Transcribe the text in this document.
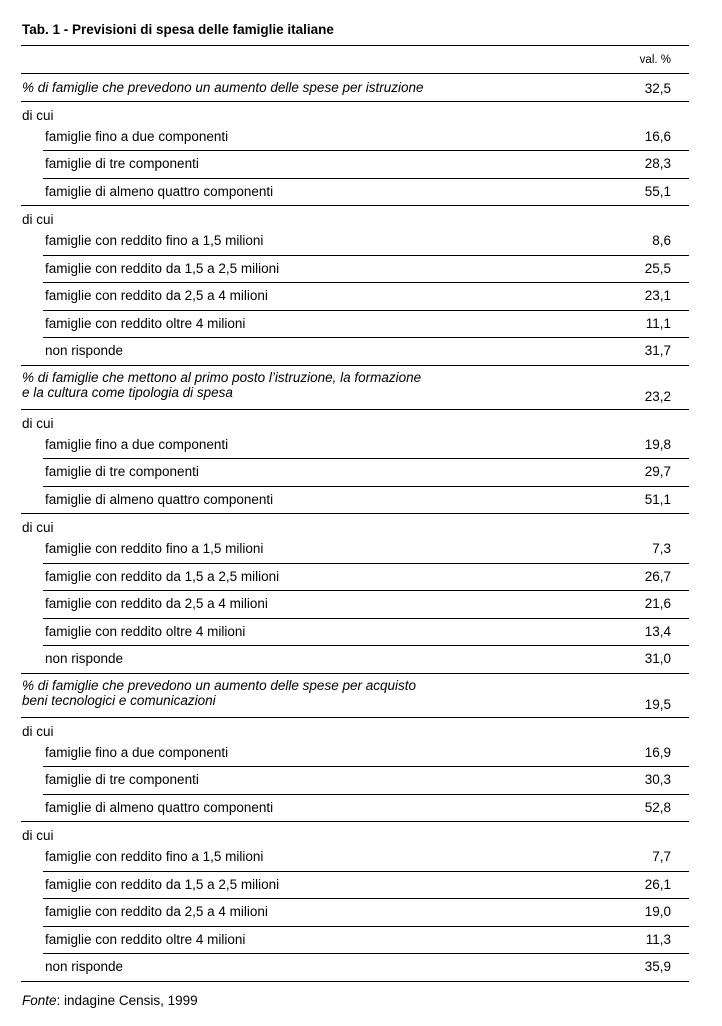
Tab. 1 - Previsioni di spesa delle famiglie italiane
val. %
% di famiglie che prevedono un aumento delle spese per istruzione	32,5
di cui
famiglie fino a due componenti	16,6
famiglie di tre componenti	28,3
famiglie di almeno quattro componenti	55,1
di cui
famiglie con reddito fino a 1,5 milioni	8,6
famiglie con reddito da 1,5 a 2,5 milioni	25,5
famiglie con reddito da 2,5 a 4 milioni	23,1
famiglie con reddito oltre 4 milioni	11,1
non risponde	31,7
% di famiglie che mettono al primo posto l’istruzione, la formazione
e la cultura come tipologia di spesa	23,2
di cui
famiglie fino a due componenti	19,8
famiglie di tre componenti	29,7
famiglie di almeno quattro componenti	51,1
di cui
famiglie con reddito fino a 1,5 milioni	7,3
famiglie con reddito da 1,5 a 2,5 milioni	26,7
famiglie con reddito da 2,5 a 4 milioni	21,6
famiglie con reddito oltre 4 milioni	13,4
non risponde	31,0
% di famiglie che prevedono un aumento delle spese per acquisto
beni tecnologici e comunicazioni	19,5
di cui
famiglie fino a due componenti	16,9
famiglie di tre componenti	30,3
famiglie di almeno quattro componenti	52,8
di cui
famiglie con reddito fino a 1,5 milioni	7,7
famiglie con reddito da 1,5 a 2,5 milioni	26,1
famiglie con reddito da 2,5 a 4 milioni	19,0
famiglie con reddito oltre 4 milioni	11,3
non risponde	35,9
Fonte: indagine Censis, 1999
